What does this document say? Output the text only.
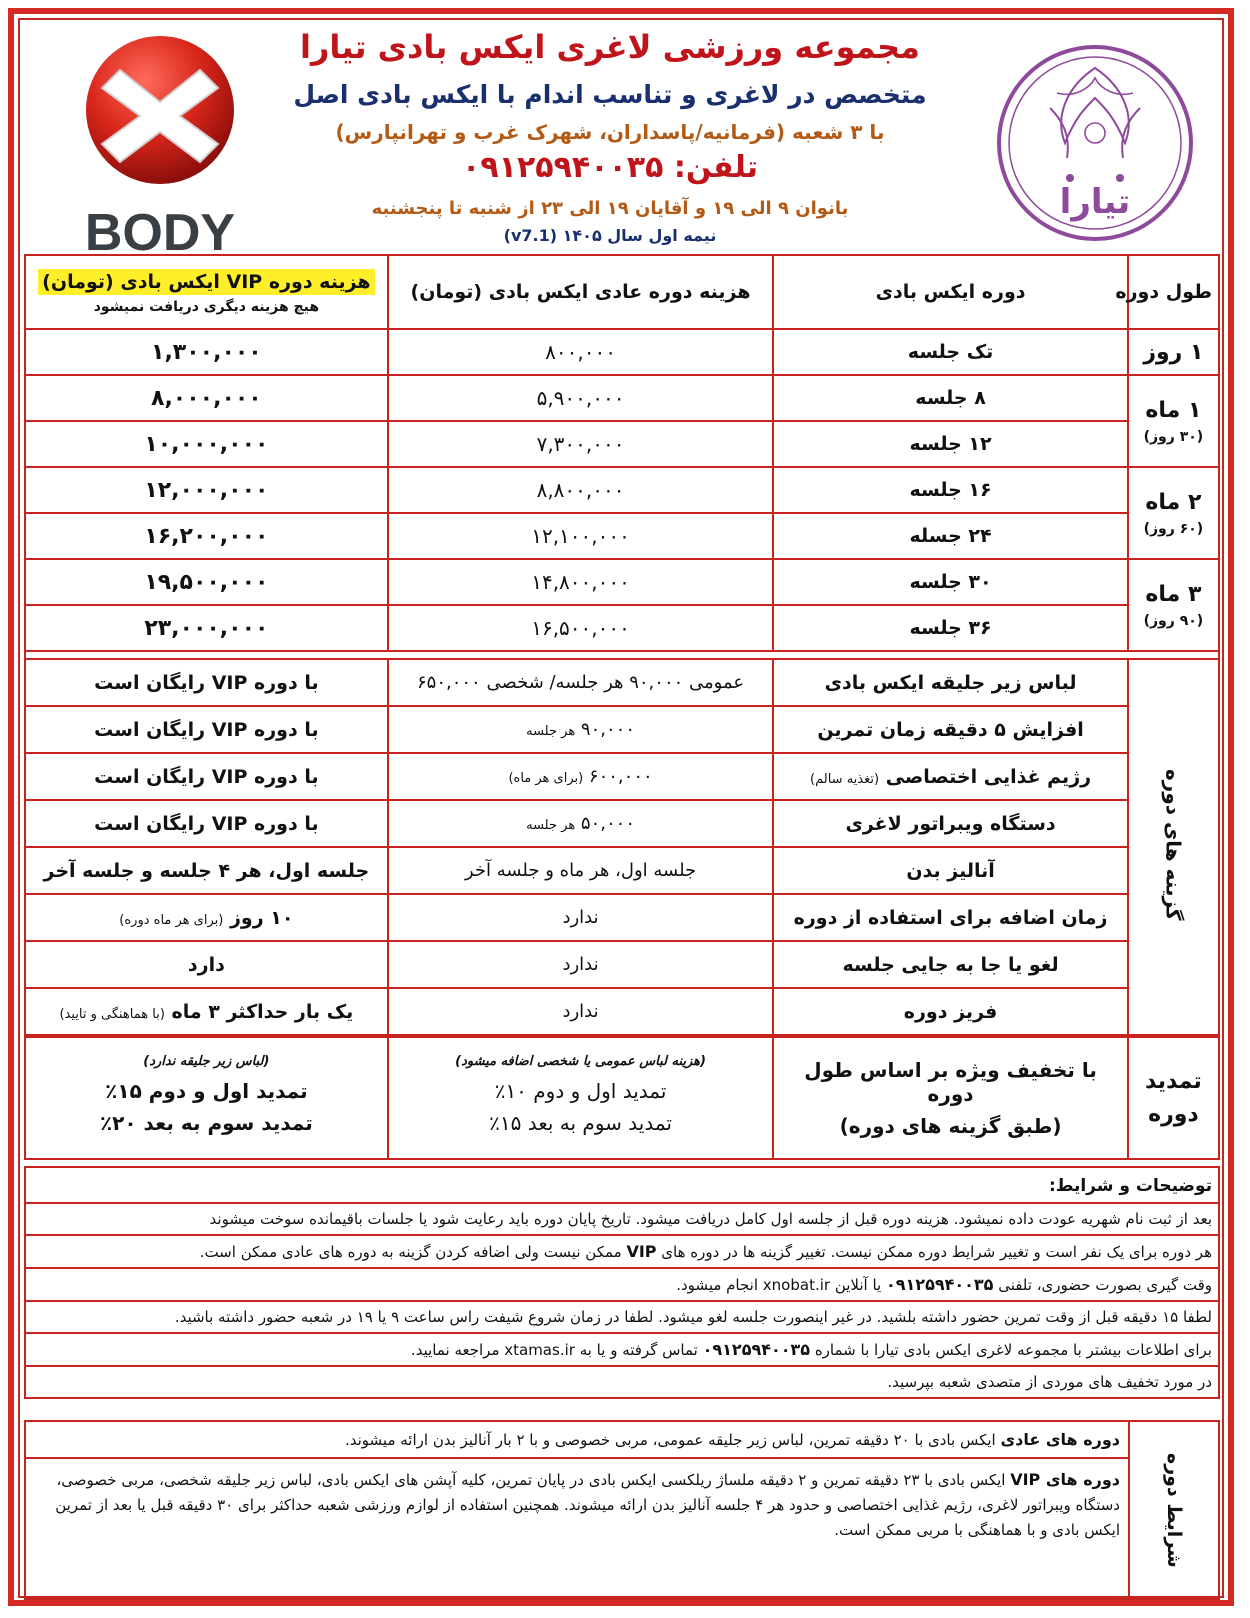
BODY
تیارا
مجموعه ورزشی لاغری ایکس بادی تیارا
متخصص در لاغری و تناسب اندام با ایکس بادی اصل
با ۳ شعبه (فرمانیه/پاسداران، شهرک غرب و تهرانپارس)
تلفن: ۰۹۱۲۵۹۴۰۰۳۵
بانوان ۹ الی ۱۹ و آقایان ۱۹ الی ۲۳ از شنبه تا پنجشنبه
نیمه اول سال ۱۴۰۵ (v7.1)
طول دوره	دوره ایکس بادی	هزینه دوره عادی ایکس بادی (تومان)	هزینه دوره VIP ایکس بادی (تومان)
هیچ هزینه دیگری دریافت نمیشود

۱ روز	تک جلسه	۸۰۰,۰۰۰	۱,۳۰۰,۰۰۰

۱ ماه
(۳۰ روز)	۸ جلسه	۵,۹۰۰,۰۰۰	۸,۰۰۰,۰۰۰
	۱۲ جلسه	۷,۳۰۰,۰۰۰	۱۰,۰۰۰,۰۰۰

۲ ماه
(۶۰ روز)	۱۶ جلسه	۸,۸۰۰,۰۰۰	۱۲,۰۰۰,۰۰۰
	۲۴ جسله	۱۲,۱۰۰,۰۰۰	۱۶,۲۰۰,۰۰۰

۳ ماه
(۹۰ روز)	۳۰ جلسه	۱۴,۸۰۰,۰۰۰	۱۹,۵۰۰,۰۰۰
	۳۶ جلسه	۱۶,۵۰۰,۰۰۰	۲۳,۰۰۰,۰۰۰

گزینه های دوره	لباس زیر جلیقه ایکس بادی	عمومی ۹۰,۰۰۰ هر جلسه/ شخصی ۶۵۰,۰۰۰	با دوره VIP رایگان است
	افزایش ۵ دقیقه زمان تمرین	۹۰,۰۰۰ هر جلسه	با دوره VIP رایگان است
	رژیم غذایی اختصاصی (تغذیه سالم)	۶۰۰,۰۰۰ (برای هر ماه)	با دوره VIP رایگان است
	دستگاه ویبراتور لاغری	۵۰,۰۰۰ هر جلسه	با دوره VIP رایگان است
	آنالیز بدن	جلسه اول، هر ماه و جلسه آخر	جلسه اول، هر ۴ جلسه و جلسه آخر
	زمان اضافه برای استفاده از دوره	ندارد	۱۰ روز (برای هر ماه دوره)
	لغو یا جا به جایی جلسه	ندارد	دارد
	فریز دوره	ندارد	یک بار حداکثر ۳ ماه (با هماهنگی و تایید)
تمدید
دوره

با تخفیف ویژه بر اساس طول دوره
(طبق گزینه های دوره)

(هزینه لباس عمومی یا شخصی اضافه میشود)
تمدید اول و دوم ۱۰٪
تمدید سوم به بعد ۱۵٪

(لباس زیر جلیقه ندارد)
تمدید اول و دوم ۱۵٪
تمدید سوم به بعد ۲۰٪
توضیحات و شرایط:
بعد از ثبت نام شهریه عودت داده نمیشود. هزینه دوره قبل از جلسه اول کامل دریافت میشود. تاریخ پایان دوره باید رعایت شود یا جلسات باقیمانده سوخت میشوند
هر دوره برای یک نفر است و تغییر شرایط دوره ممکن نیست. تغییر گزینه ها در دوره های VIP ممکن نیست ولی اضافه کردن گزینه به دوره های عادی ممکن است.
وقت گیری بصورت حضوری، تلفنی ۰۹۱۲۵۹۴۰۰۳۵ یا آنلاین xnobat.ir انجام میشود.
لطفا ۱۵ دقیقه قبل از وقت تمرین حضور داشته بلشید. در غیر اینصورت جلسه لغو میشود. لطفا در زمان شروع شیفت راس ساعت ۹ یا ۱۹ در شعبه حضور داشته باشید.
برای اطلاعات بیشتر با مجموعه لاغری ایکس بادی تیارا با شماره ۰۹۱۲۵۹۴۰۰۳۵ تماس گرفته و یا به xtamas.ir مراجعه نمایید.
در مورد تخفیف های موردی از متصدی شعبه بپرسید.
شرایط دوره
دوره های عادی ایکس بادی با ۲۰ دقیقه تمرین، لباس زیر جلیقه عمومی، مربی خصوصی و با ۲ بار آنالیز بدن ارائه میشوند.
دوره های VIP ایکس بادی با ۲۳ دقیقه تمرین و ۲ دقیقه ملساژ ریلکسی ایکس بادی در پایان تمرین، کلیه آپشن های ایکس بادی، لباس زیر جلیقه شخصی، مربی خصوصی، دستگاه ویبراتور لاغری، رژیم غذایی اختصاصی و حدود هر ۴ جلسه آنالیز بدن ارائه میشوند. همچنین استفاده از لوازم ورزشی شعبه حداکثر برای ۳۰ دقیقه قبل یا بعد از تمرین ایکس بادی و با هماهنگی با مربی ممکن است.
